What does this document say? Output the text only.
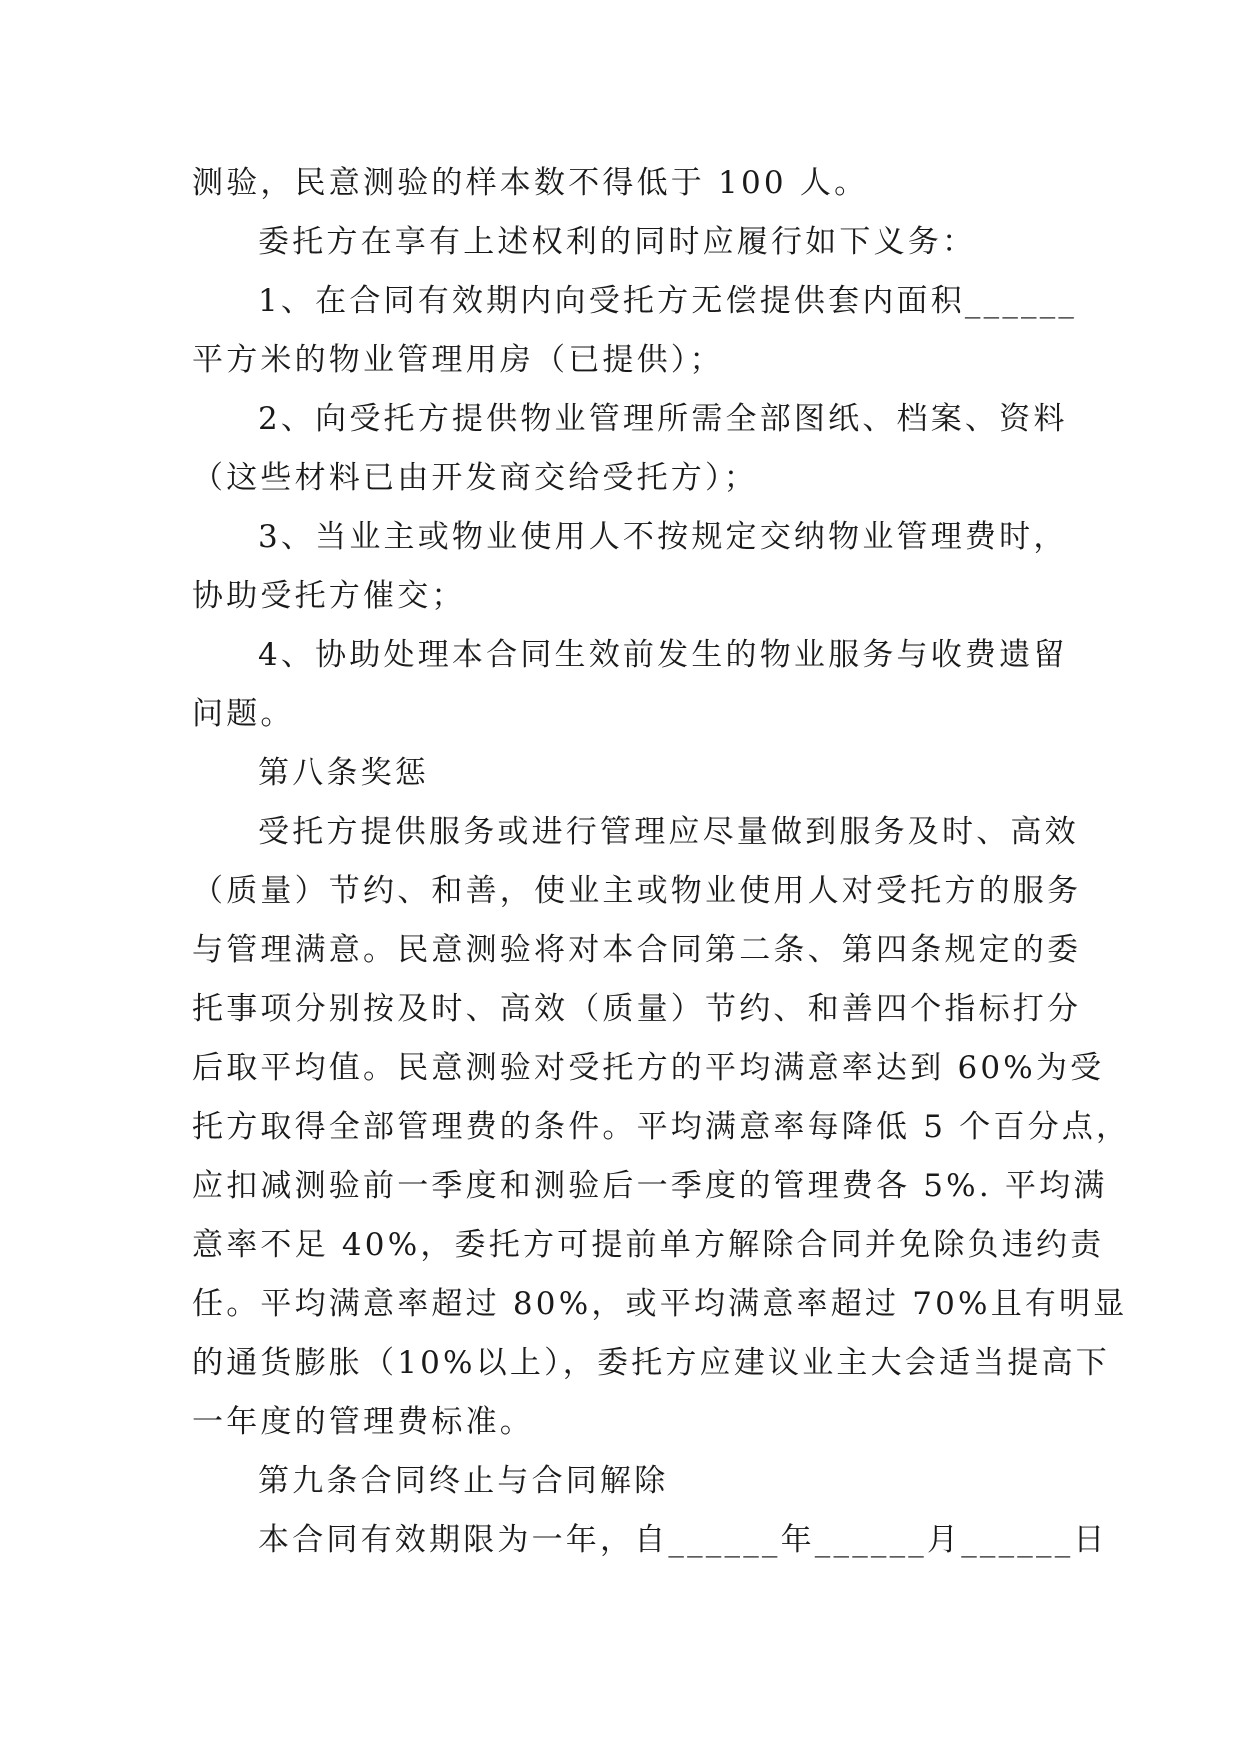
测验，民意测验的样本数不得低于 100 人。
委托方在享有上述权利的同时应履行如下义务：
1、在合同有效期内向受托方无偿提供套内面积______
平方米的物业管理用房（已提供）；
2、向受托方提供物业管理所需全部图纸、档案、资料
（这些材料已由开发商交给受托方）；
3、当业主或物业使用人不按规定交纳物业管理费时，
协助受托方催交；
4、协助处理本合同生效前发生的物业服务与收费遗留
问题。
第八条奖惩
受托方提供服务或进行管理应尽量做到服务及时、高效
（质量）节约、和善，使业主或物业使用人对受托方的服务
与管理满意。民意测验将对本合同第二条、第四条规定的委
托事项分别按及时、高效（质量）节约、和善四个指标打分
后取平均值。民意测验对受托方的平均满意率达到 60%为受
托方取得全部管理费的条件。平均满意率每降低 5 个百分点，
应扣减测验前一季度和测验后一季度的管理费各 5%. 平均满
意率不足 40%，委托方可提前单方解除合同并免除负违约责
任。平均满意率超过 80%，或平均满意率超过 70%且有明显
的通货膨胀（10%以上），委托方应建议业主大会适当提高下
一年度的管理费标准。
第九条合同终止与合同解除
本合同有效期限为一年，自______年______月______日
